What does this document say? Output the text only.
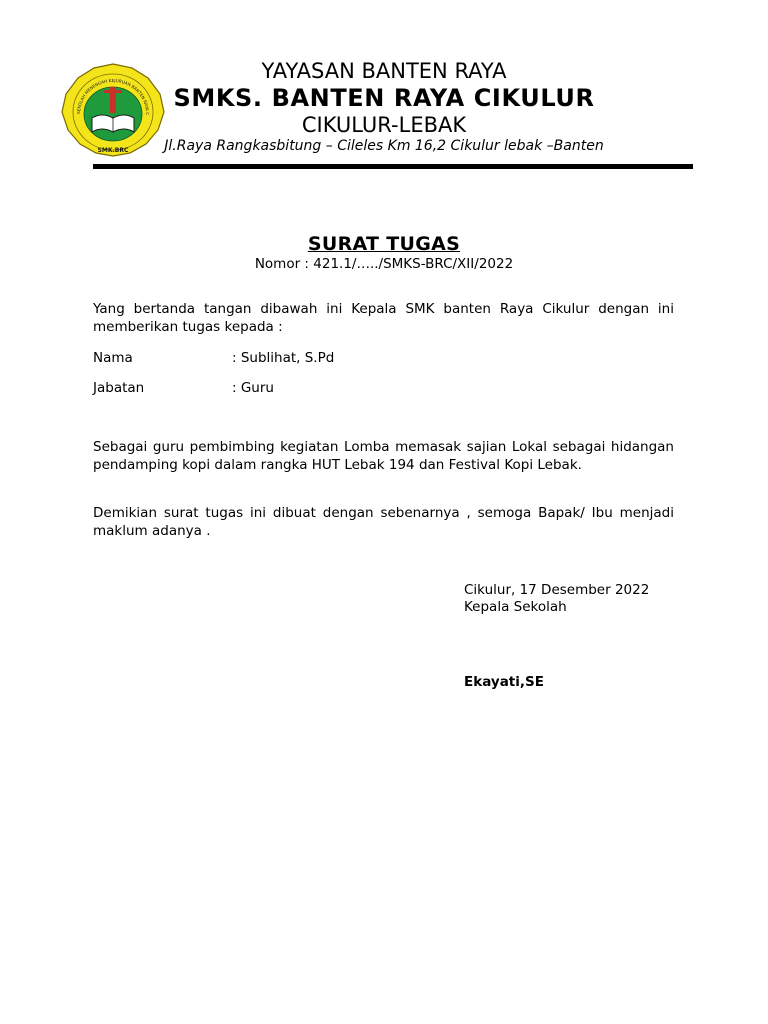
SEKOLAH MENENGAH KEJURUAN BANTEN RAYA C
SMK.BRC
YAYASAN BANTEN RAYA
SMKS. BANTEN RAYA CIKULUR
CIKULUR-LEBAK
Jl.Raya Rangkasbitung – Cileles Km 16,2 Cikulur lebak –Banten
SURAT TUGAS
Nomor : 421.1/…../SMKS-BRC/XII/2022
Yang bertanda tangan dibawah ini Kepala SMK banten Raya Cikulur dengan ini memberikan tugas kepada :
Nama	: Sublihat, S.Pd
Jabatan	: Guru
Sebagai guru pembimbing kegiatan Lomba memasak sajian Lokal sebagai hidangan pendamping kopi dalam rangka HUT Lebak 194 dan Festival Kopi Lebak.
Demikian surat tugas ini dibuat dengan sebenarnya , semoga Bapak/ Ibu menjadi maklum adanya .
Cikulur, 17 Desember 2022
Kepala Sekolah
Ekayati,SE
